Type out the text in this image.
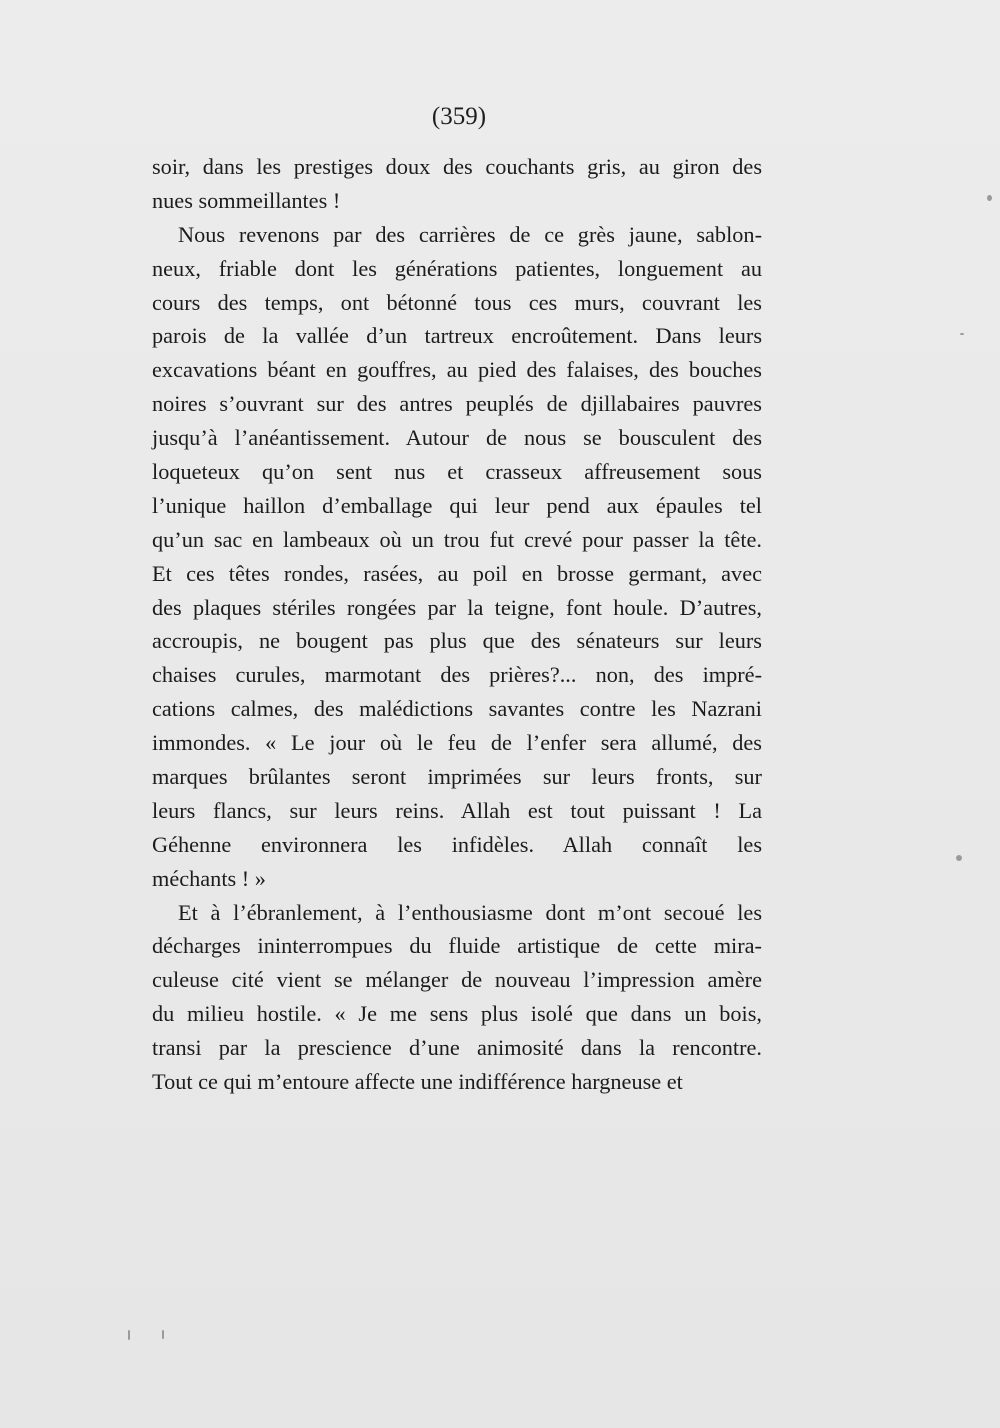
(359)
soir, dans les prestiges doux des couchants gris, au giron des
nues sommeillantes !
Nous revenons par des carrières de ce grès jaune, sablon-
neux, friable dont les générations patientes, longuement au
cours des temps, ont bétonné tous ces murs, couvrant les
parois de la vallée d’un tartreux encroûtement. Dans leurs
excavations béant en gouffres, au pied des falaises, des bouches
noires s’ouvrant sur des antres peuplés de djillabaires pauvres
jusqu’à l’anéantissement. Autour de nous se bousculent des
loqueteux qu’on sent nus et crasseux affreusement sous
l’unique haillon d’emballage qui leur pend aux épaules tel
qu’un sac en lambeaux où un trou fut crevé pour passer la tête.
Et ces têtes rondes, rasées, au poil en brosse germant, avec
des plaques stériles rongées par la teigne, font houle. D’autres,
accroupis, ne bougent pas plus que des sénateurs sur leurs
chaises curules, marmotant des prières?... non, des impré-
cations calmes, des malédictions savantes contre les Nazrani
immondes. « Le jour où le feu de l’enfer sera allumé, des
marques brûlantes seront imprimées sur leurs fronts, sur
leurs flancs, sur leurs reins. Allah est tout puissant ! La
Géhenne environnera les infidèles. Allah connaît les
méchants ! »
Et à l’ébranlement, à l’enthousiasme dont m’ont secoué les
décharges ininterrompues du fluide artistique de cette mira-
culeuse cité vient se mélanger de nouveau l’impression amère
du milieu hostile. « Je me sens plus isolé que dans un bois,
transi par la prescience d’une animosité dans la rencontre.
Tout ce qui m’entoure affecte une indifférence hargneuse et
